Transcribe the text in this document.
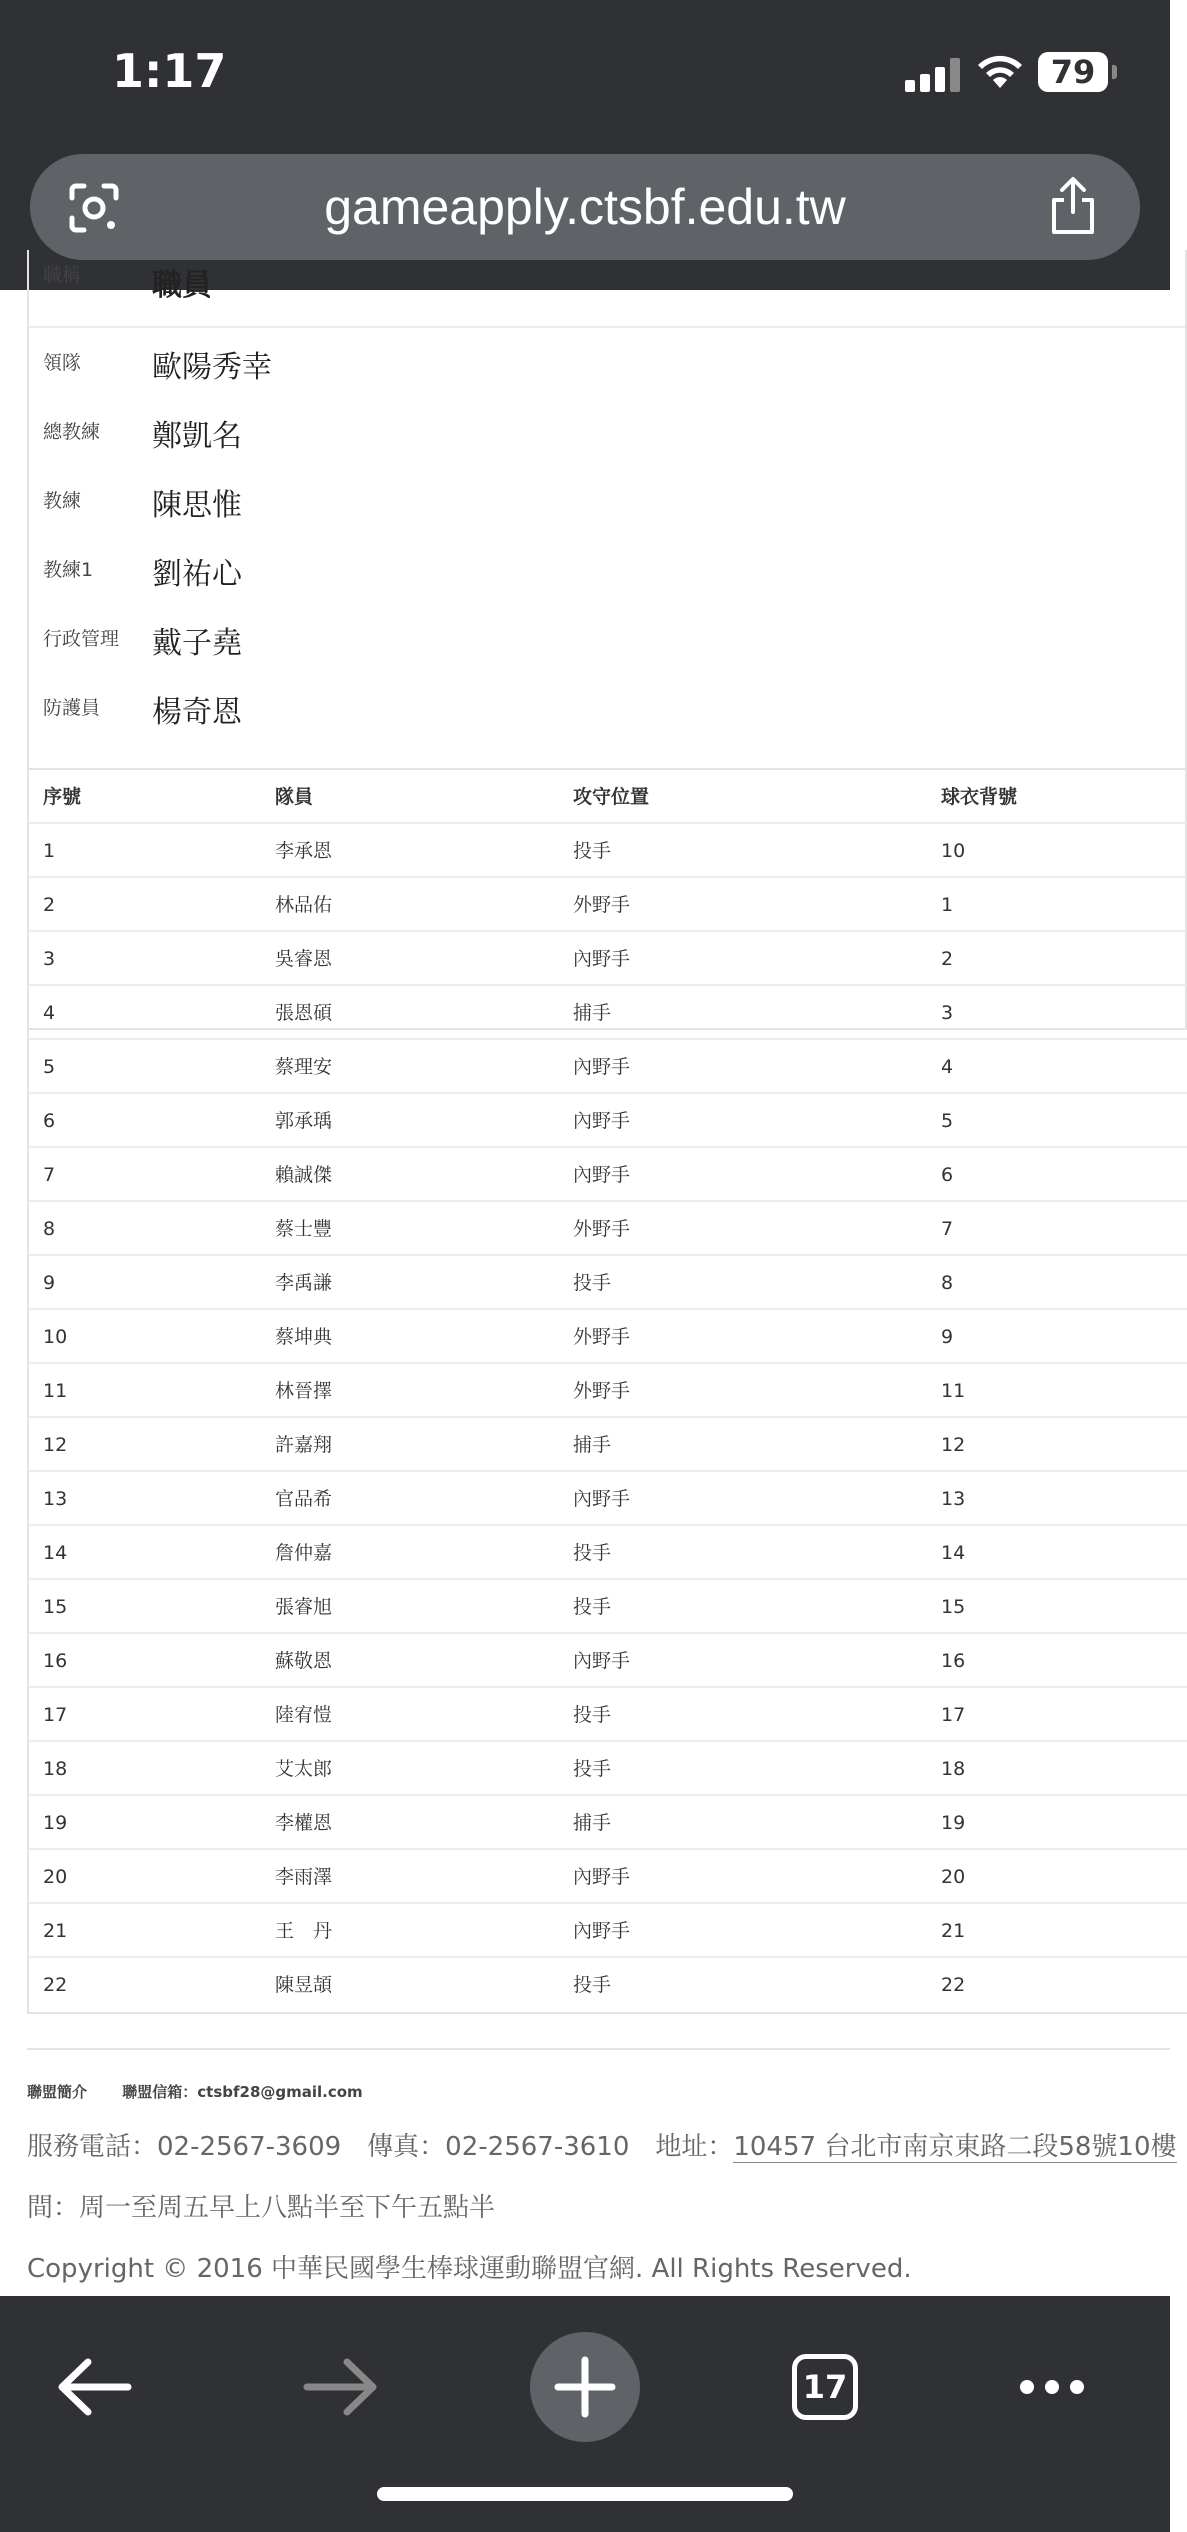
1:17	79
gameapply.ctsbf.edu.tw
職稱 職員
領隊 歐陽秀幸
總教練 鄭凱名
教練 陳思惟
教練1 劉祐心
行政管理 戴子堯
防護員 楊奇恩
序號	隊員	攻守位置	球衣背號
1	李承恩	投手	10
2	林品佑	外野手	1
3	吳睿恩	內野手	2
4	張恩碩	捕手	3
5	蔡理安	內野手	4
6	郭承瑀	內野手	5
7	賴誠傑	內野手	6
8	蔡士豐	外野手	7
9	李禹謙	投手	8
10	蔡坤典	外野手	9
11	林晉擇	外野手	11
12	許嘉翔	捕手	12
13	官品希	內野手	13
14	詹仲嘉	投手	14
15	張睿旭	投手	15
16	蘇敬恩	內野手	16
17	陸宥愷	投手	17
18	艾太郎	投手	18
19	李權恩	捕手	19
20	李雨澤	內野手	20
21	王　丹	內野手	21
22	陳昱頡	投手	22
聯盟簡介 聯盟信箱：ctsbf28@gmail.com
服務電話：02-2567-3609　傳真：02-2567-3610　地址：10457 台北市南京東路二段58號10樓
間：周一至周五早上八點半至下午五點半
Copyright © 2016 中華民國學生棒球運動聯盟官網. All Rights Reserved.
17
